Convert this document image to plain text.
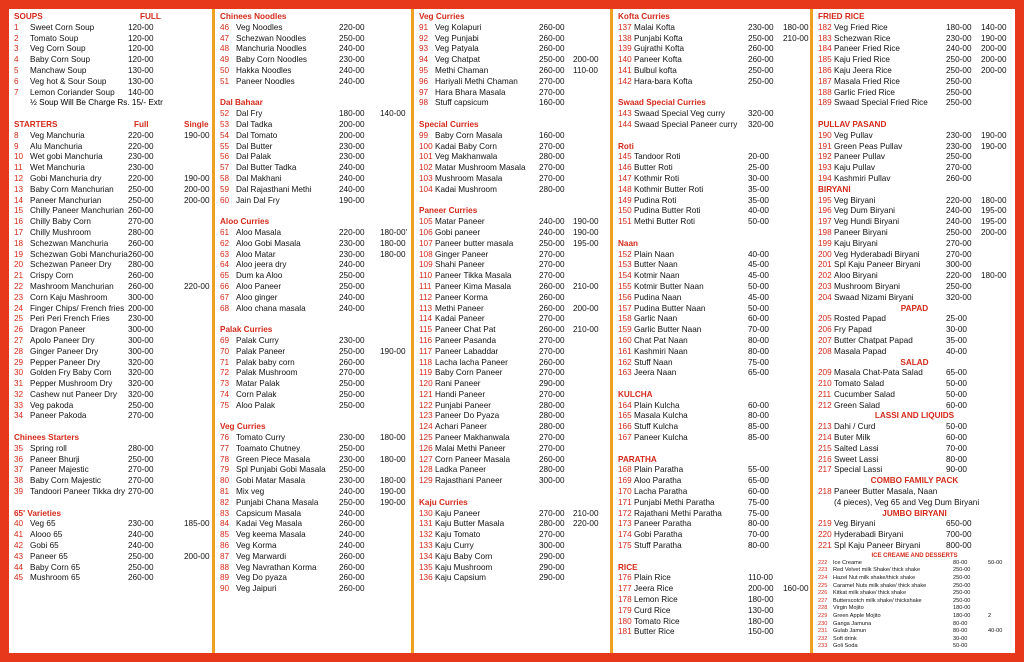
SOUPS	FULL
1 Sweet Corn Soup	120-00
2 Tomato Soup	120-00
3 Veg Corn Soup	120-00
4 Baby Corn Soup	120-00
5 Manchaw Soup	130-00
6 Veg hot & Sour Soup	130-00
7 Lemon Coriander Soup 140-00
½ Soup Will Be Charge Rs. 15/- Extr
STARTERS	Full	Single
8 Veg Manchuria	220-00	190-00
9 Alu Manchuria	220-00
10 Wet gobi Manchuria	230-00
11 Wet Manchuria	230-00
12 Gobi Manchuria dry	220-00	190-00
13 Baby Corn Manchurian 250-00	200-00
14 Paneer Manchurian	250-00	200-00
15 Chilly Paneer Manchurian 260-00
16 Chilly Baby Corn	270-00
17 Chilly Mushroom	280-00
18 Schezwan Manchuria 260-00
19 Schezwan Gobi Manchuria 260-00
20 Schezwan Paneer Dry 280-00
21 Crispy Corn	260-00
22 Mashroom Manchurian 260-00	220-00
23 Corn Kaju Mashroom	300-00
24 Finger Chips/ French fries 200-00
25 Peri Peri French Fries 230-00
26 Dragon Paneer	300-00
27 Apolo Paneer Dry	300-00
28 Ginger Paneer Dry	300-00
29 Pepper Paneer Dry	320-00
30 Golden Fry Baby Corn 320-00
31 Pepper Mushroom Dry 320-00
32 Cashew nut Paneer Dry 320-00
33 Veg pakoda	250-00
34 Paneer Pakoda	270-00
Chinees Starters
35 Spring roll	280-00
36 Paneer Bhurji	250-00
37 Paneer Majestic	270-00
38 Baby Corn Majestic	270-00
39 Tandoori Paneer Tikka dry 270-00
65' Varieties
40 Veg 65	230-00	185-00
41 Alooo 65	240-00
42 Gobi 65	240-00
43 Paneer 65	250-00	200-00
44 Baby Corn 65	250-00
45 Mushroom 65	260-00
Chinees Noodles
46 Veg Noodles	220-00
47 Schezwan Noodles	250-00
48 Manchuria Noodles	240-00
49 Baby Corn Noodles	230-00
50 Hakka Noodles	240-00
51 Paneer Noodles	240-00
Dal Bahaar
52 Dal Fry	180-00 140-00
53 Dal Tadka	200-00
54 Dal Tomato	200-00
55 Dal Butter	230-00
56 Dal Palak	230-00
57 Dal Butter Tadka	240-00
58 Dal Makhani	240-00
59 Dal Rajasthani Methi	240-00
60 Jain Dal Fry	190-00
Aloo Curries
61 Aloo Masala	220-00 180-00'
62 Aloo Gobi Masala	230-00 180-00
63 Aloo Matar	230-00 180-00
64 Aloo jeera dry	240-00
65 Dum ka Aloo	250-00
66 Aloo Paneer	250-00
67 Aloo ginger	240-00
68 Aloo chana masala	240-00
Palak Curries
69 Palak Curry	230-00
70 Palak Paneer	250-00 190-00
71 Palak baby corn	260-00
72 Palak Mushroom	270-00
73 Matar Palak	250-00
74 Corn Palak	250-00
75 Aloo Palak	250-00
Veg Curries
76 Tomato Curry	230-00 180-00
77 Toamato Chutney	250-00
78 Green Piece Masala	230-00 180-00
79 Spl Punjabi Gobi Masala 250-00
80 Gobi Matar Masala	230-00 180-00
81 Mix veg	240-00 190-00
82 Punjabi Chana Masala	250-00 190-00
83 Capsicum Masala	240-00
84 Kadai Veg Masala	260-00
85 Veg keema Masala	240-00
86 Veg Korma	240-00
87 Veg Marwardi	260-00
88 Veg Navrathan Korma	260-00
89 Veg Do pyaza	260-00
90 Veg Jaipuri	260-00
Veg Curries
91 Veg Kolapuri	260-00
92 Veg Punjabi	260-00
93 Veg Patyala	260-00
94 Veg Chatpat	250-00 200-00
95 Methi Chaman	260-00 110-00
96 Hariyali Methi Chaman	270-00
97 Hara Bhara Masala	270-00
98 Stuff capsicum	160-00
Special Curries
99 Baby Corn Masala	160-00
100 Kadai Baby Corn	270-00
101 Veg Makhanwala	280-00
102 Matar Mushroom Masala 270-00
103 Mushroom Masala	270-00
104 Kadai Mushroom	280-00
Paneer Curries
105 Matar Paneer	240-00 190-00
106 Gobi paneer	240-00 190-00
107 Paneer butter masala	250-00 195-00
108 Ginger Paneer	270-00
109 Shahi Paneer	270-00
110 Paneer Tikka Masala	270-00
111 Paneer Kima Masala	260-00 210-00
112 Paneer Korma	260-00
113 Methi Paneer	260-00 200-00
114 Kadai Paneer	270-00
115 Paneer Chat Pat	260-00 210-00
116 Paneer Pasanda	270-00
117 Paneer Labaddar	270-00
118 Lacha lacha Paneer	260-00
119 Baby Corn Paneer	270-00
120 Rani Paneer	290-00
121 Handi Paneer	270-00
122 Punjabi Paneer	280-00
123 Paneer Do Pyaza	280-00
124 Achari Paneer	280-00
125 Paneer Makhanwala	270-00
126 Malai Methi Paneer	270-00
127 Corn Paneer Masala	260-00
128 Ladka Paneer	280-00
129 Rajasthani Paneer	300-00
Kaju Curries
130 Kaju Paneer	270-00 210-00
131 Kaju Butter Masala	280-00 220-00
132 Kaju Tomato	270-00
133 Kaju Curry	300-00
134 Kaju Baby Corn	290-00
135 Kaju Mushroom	290-00
136 Kaju Capsium	290-00
Kofta Curries
137 Malai Kofta	230-00 180-00
138 Punjabi Kofta	250-00 210-00
139 Gujrathi Kofta	260-00
140 Paneer Kofta	260-00
141 Bulbul kofta	250-00
142 Hara-bara Kofta	250-00
Swaad Special Curries
143 Swaad Special Veg curry	320-00
144 Swaad Special Paneer curry 320-00
Roti
145 Tandoor Roti	20-00
146 Butter Roti	25-00
147 Kothmir Roti	30-00
148 Kothmir Butter Roti	35-00
149 Pudina Roti	35-00
150 Pudina Butter Roti	40-00
151 Methi Butter Roti	50-00
Naan
152 Plain Naan	40-00
153 Butter Naan	45-00
154 Kotmir Naan	45-00
155 Kotmir Butter Naan	50-00
156 Pudina Naan	45-00
157 Pudina Butter Naan	50-00
158 Garlic Naan	60-00
159 Garlic Butter Naan	70-00
160 Chat Pat Naan	80-00
161 Kashmiri Naan	80-00
162 Stuff Naan	75-00
163 Jeera Naan	65-00
KULCHA
164 Plain Kulcha	60-00
165 Masala Kulcha	80-00
166 Stuff Kulcha	85-00
167 Paneer Kulcha	85-00
PARATHA
168 Plain Paratha	55-00
169 Aloo Paratha	65-00
170 Lacha Paratha	60-00
171 Punjabi Methi Paratha	75-00
172 Rajathani Methi Paratha	75-00
173 Paneer Paratha	80-00
174 Gobi Paratha	70-00
175 Stuff Paratha	80-00
RICE
176 Plain Rice	110-00
177 Jeera Rice	200-00 160-00
178 Lemon Rice	180-00
179 Curd Rice	130-00
180 Tomato Rice	180-00
181 Butter Rice	150-00
FRIED RICE
182 Veg Fried Rice	180-00 140-00
183 Schezwan Rice	230-00 190-00
184 Paneer Fried Rice	240-00 200-00
185 Kaju Fried Rice	250-00 200-00
186 Kaju Jeera Rice	250-00 200-00
187 Masala Fried Rice	250-00
188 Garlic Fried Rice	250-00
189 Swaad Special Fried Rice 250-00
PULLAV PASAND
190 Veg Pullav	230-00 190-00
191 Green Peas Pullav	230-00 190-00
192 Paneer Pullav	250-00
193 Kaju Pullav	270-00
194 Kashmiri Pullav	260-00
BIRYANI
195 Veg Biryani	220-00 180-00
196 Veg Dum Biryani	240-00 195-00
197 Veg Hundi Biryani	240-00 195-00
198 Paneer Biryani	250-00 200-00
199 Kaju Biryani	270-00
200 Veg Hyderabadi Biryani	270-00
201 Spl Kaju Paneer Biryani	300-00
202 Aloo Biryani	220-00 180-00
203 Mushroom Biryani	250-00
204 Swaad Nizami Biryani	320-00
PAPAD
205 Rosted Papad	25-00
206 Fry Papad	30-00
207 Butter Chatpat Papad	35-00
208 Masala Papad	40-00
SALAD
209 Masala Chat-Pata Salad	65-00
210 Tomato Salad	50-00
211 Cucumber Salad	50-00
212 Green Salad	60-00
LASSI AND LIQUIDS
213 Dahi / Curd	50-00
214 Buter Milk	60-00
215 Salted Lassi	70-00
216 Sweet Lassi	80-00
217 Special Lassi	90-00
COMBO FAMILY PACK
218 Paneer Butter Masala, Naan
(4 pieces), Veg 65 and Veg Dum Biryani
JUMBO BIRYANI
219 Veg Biryani	650-00
220 Hyderabadi Biryani	700-00
221 Spl Kaju Paneer Biryani	800-00
ICE CREAME AND DESSERTS
222 Ice Creame	80-00	50-00
223 Red Velvet milk Shake/ thick shake	250-00
224 Hazel Nut milk shake/thick shake	250-00
225 Caramel Nuts milk shake/ thick shake	250-00
226 Kitkat milk shake/ thick shake	250-00
227 Butterscotch milk shake/ thickshake	250-00
228 Virgin Mojito	180-00
229 Green Apple Mojito	180-00	2
230 Ganga Jamuna	80-00
231 Gulab Jamun	80-00	40-00
232 Soft drink	30-00
233 Goli Soda	50-00
